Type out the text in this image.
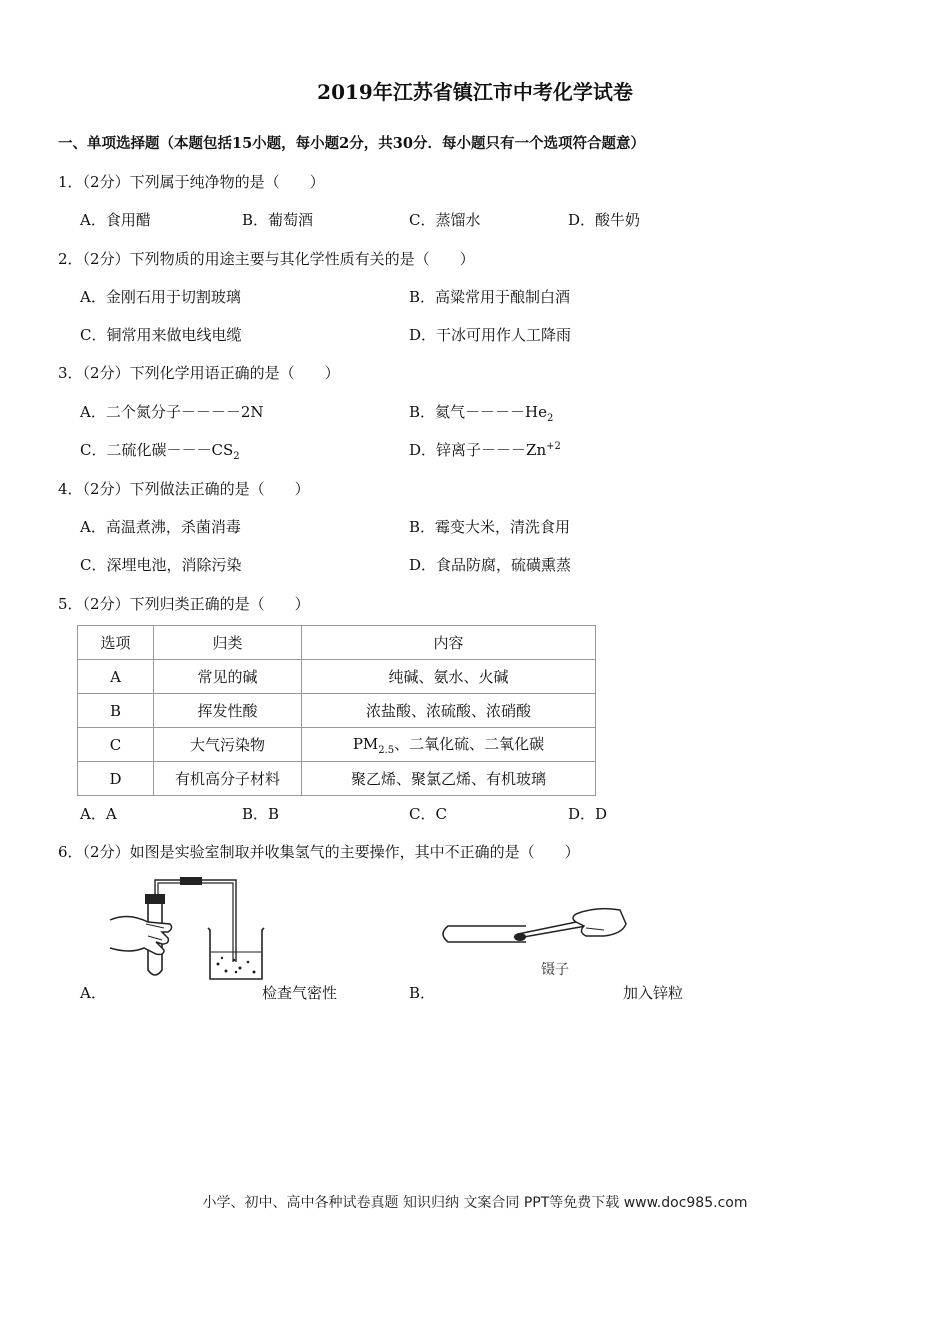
2019年江苏省镇江市中考化学试卷
一、单项选择题（本题包括15小题，每小题2分，共30分．每小题只有一个选项符合题意）
1．（2分）下列属于纯净物的是（　　）
A．食用醋	B．葡萄酒	C．蒸馏水	D．酸牛奶
2．（2分）下列物质的用途主要与其化学性质有关的是（　　）
A．金刚石用于切割玻璃	B．高粱常用于酿制白酒
C．铜常用来做电线电缆	D．干冰可用作人工降雨
3．（2分）下列化学用语正确的是（　　）
A．二个氮分子－－－－2N	B．氦气$----He_2$
C．二硫化碳$---CS_2$	D．锌离子$---Zn^{+2}$
4．（2分）下列做法正确的是（　　）
A．高温煮沸，杀菌消毒	B．霉变大米，清洗食用
C．深埋电池，消除污染	D．食品防腐，硫磺熏蒸
5．（2分）下列归类正确的是（　　）
选项	归类	内容
A	常见的碱	纯碱、氨水、火碱
B	挥发性酸	浓盐酸、浓硫酸、浓硝酸
C	大气污染物	$PM_{2.5}$、二氧化硫、二氧化碳
D	有机高分子材料	聚乙烯、聚氯乙烯、有机玻璃
A．A	B．B	C．C	D．D
6．（2分）如图是实验室制取并收集氢气的主要操作，其中不正确的是（　　）
A．	检查气密性
镊子
B．	加入锌粒
小学、初中、高中各种试卷真题 知识归纳 文案合同 PPT等免费下载 www.doc985.com
